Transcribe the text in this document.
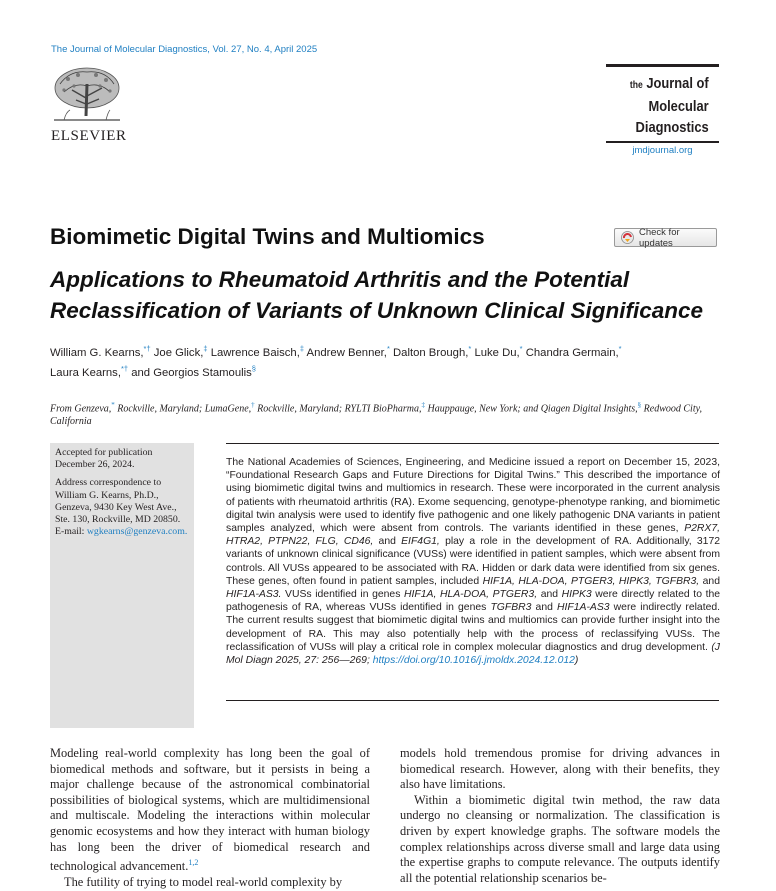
The Journal of Molecular Diagnostics, Vol. 27, No. 4, April 2025
ELSEVIER
the Journal of
Molecular
Diagnostics
jmdjournal.org
Biomimetic Digital Twins and Multiomics	Check for updates
Applications to Rheumatoid Arthritis and the Potential Reclassification of Variants of Unknown Clinical Significance
William G. Kearns,*† Joe Glick,‡ Lawrence Baisch,‡ Andrew Benner,* Dalton Brough,* Luke Du,* Chandra Germain,*
Laura Kearns,*† and Georgios Stamoulis§
From Genzeva,* Rockville, Maryland; LumaGene,† Rockville, Maryland; RYLTI BioPharma,‡ Hauppauge, New York; and Qiagen Digital Insights,§ Redwood City, California

Accepted for publication December 26, 2024.

Address correspondence to William G. Kearns, Ph.D., Genzeva, 9430 Key West Ave., Ste. 130, Rockville, MD 20850.
E-mail: wgkearns@genzeva.com.

The National Academies of Sciences, Engineering, and Medicine issued a report on December 15, 2023, “Foundational Research Gaps and Future Directions for Digital Twins.” This described the importance of using biomimetic digital twins and multiomics in research. These were incorporated in the current analysis of patients with rheumatoid arthritis (RA). Exome sequencing, genotype-phenotype ranking, and biomimetic digital twin analysis were used to identify five pathogenic and one likely pathogenic DNA variants in patient samples analyzed, which were absent from controls. The variants identified in these genes, P2RX7, HTRA2, PTPN22, FLG, CD46, and EIF4G1, play a role in the development of RA. Additionally, 3172 variants of unknown clinical significance (VUSs) were identified in patient samples, which were absent from controls. All VUSs appeared to be associated with RA. Hidden or dark data were identified from six genes. These genes, often found in patient samples, included HIF1A, HLA-DOA, PTGER3, HIPK3, TGFBR3, and HIF1A-AS3. VUSs identified in genes HIF1A, HLA-DOA, PTGER3, and HIPK3 were directly related to the pathogenesis of RA, whereas VUSs identified in genes TGFBR3 and HIF1A-AS3 were indirectly related. The current results suggest that biomimetic digital twins and multiomics can provide further insight into the development of RA. This may also potentially help with the process of reclassifying VUSs. The reclassification of VUSs will play a critical role in complex molecular diagnostics and drug development. (J Mol Diagn 2025, 27: 256—269; https://doi.org/10.1016/j.jmoldx.2024.12.012)

Modeling real-world complexity has long been the goal of biomedical methods and software, but it persists in being a major challenge because of the astronomical combinatorial possibilities of biological systems, which are multidimensional and multiscale. Modeling the interactions within molecular genomic ecosystems and how they interact with human biology has long been the driver of biomedical research and technological advancement.$^{1,2}$

The futility of trying to model real-world complexity by

models hold tremendous promise for driving advances in biomedical research. However, along with their benefits, they also have limitations.

Within a biomimetic digital twin method, the raw data undergo no cleansing or normalization. The classification is driven by expert knowledge graphs. The software models the complex relationships across diverse small and large data using the expertise graphs to compute relevance. The outputs identify all the potential relationship scenarios be-
